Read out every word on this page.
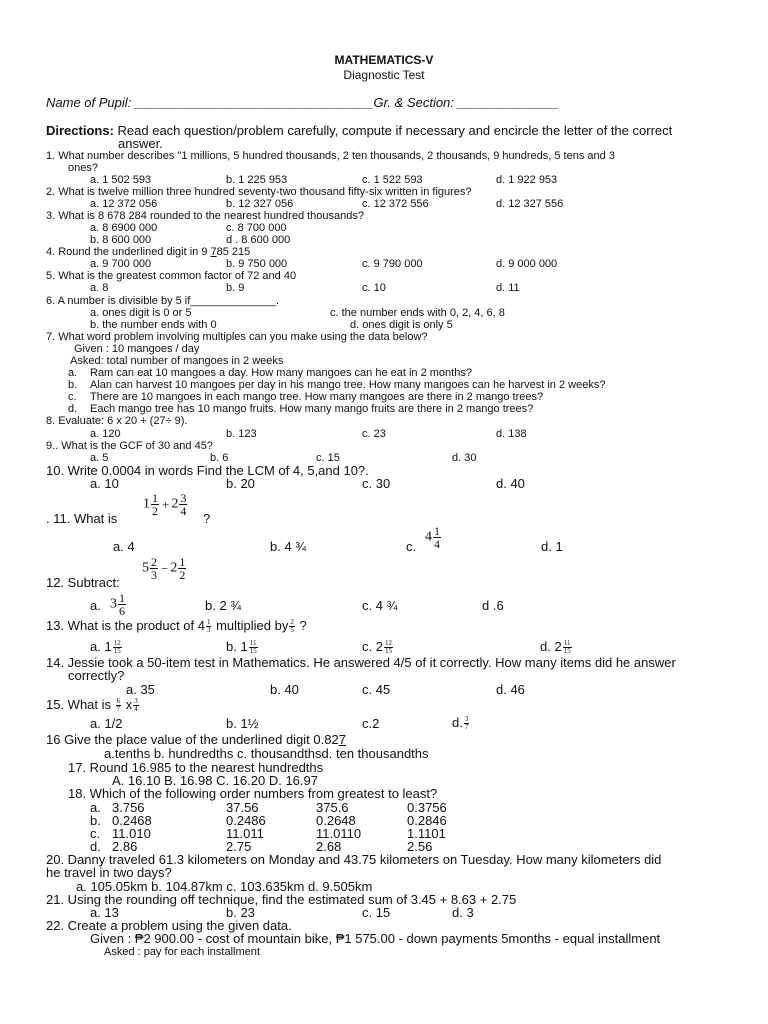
MATHEMATICS-V
Diagnostic Test
Name of Pupil: _________________________________Gr. & Section: ______________
Directions: Read each question/problem carefully, compute if necessary and encircle the letter of the correct
answer.
1. What number describes "1 millions, 5 hundred thousands, 2 ten thousands, 2 thousands, 9 hundreds, 5 tens and 3
ones?
a. 1 502 593	b. 1 225 953	c. 1 522 593	d. 1 922 953
2. What is twelve million three hundred seventy-two thousand fifty-six written in figures?
a. 12 372 056	b. 12 327 056	c. 12 372 556	d. 12 327 556
3. What is 8 678 284 rounded to the nearest hundred thousands?
a. 8 6900 000	c. 8 700 000
b. 8 600 000	d . 8 600 000
4. Round the underlined digit in 9 785 215
a. 9 700 000	b. 9 750 000	c. 9 790 000	d. 9 000 000
5. What is the greatest common factor of 72 and 40
a. 8	b. 9	c. 10	d. 11
6. A number is divisible by 5 if______________.
a. ones digit is 0 or 5	c. the number ends with 0, 2, 4, 6, 8
b. the number ends with 0	d. ones digit is only 5
7. What word problem involving multiples can you make using the data below?
Given : 10 mangoes / day
Asked: total number of mangoes in 2 weeks
a. Ram can eat 10 mangoes a day. How many mangoes can he eat in 2 months?
b. Alan can harvest 10 mangoes per day in his mango tree. How many mangoes can he harvest in 2 weeks?
c. There are 10 mangoes in each mango tree. How many mangoes are there in 2 mango trees?
d. Each mango tree has 10 mango fruits. How many mango fruits are there in 2 mango trees?
8. Evaluate: 6 x 20 + (27÷ 9).
a. 120	b. 123	c. 23	d. 138
9.. What is the GCF of 30 and 45?
a. 5	b. 6	c. 15	d. 30
10. Write 0.0004 in words Find the LCM of 4, 5,and 10?.
a. 10	b. 20	c. 30	d. 40
. 11. What is
$1 \frac{1}{2} + 2 \frac{3}{4}$
?
a. 4	b. 4 ¾	c.
$4 \frac{1}{4}$	d. 1
$5 \frac{2}{3} - 2 \frac{1}{2}$
12. Subtract:
a. $3 \frac{1}{6}$	b. 2 ¾	c. 4 ¾	d .6
13. What is the product of $4 \frac{1}{3}$ multiplied by $\frac{2}{5}$ ?
a. $1 \frac{12}{15}$	b. $1 \frac{11}{15}$	c. $2 \frac{12}{15}$	d. $2 \frac{11}{15}$
14. Jessie took a 50-item test in Mathematics. He answered 4/5 of it correctly. How many items did he answer
correctly?
a. 35	b. 40	c. 45	d. 46
15. What is $\frac{6}{7}$ x $\frac{3}{4}$
a. 1/2	b. 1½	c.2	d. $\frac{3}{7}$
16 Give the place value of the underlined digit 0.827
a.tenths b. hundredths c. thousandthsd. ten thousandths
17. Round 16.985 to the nearest hundredths
A. 16.10 B. 16.98 C. 16.20 D. 16.97
18. Which of the following order numbers from greatest to least?
a. 3.756	37.56	375.6	0.3756
b. 0.2468	0.2486	0.2648	0.2846
c. 11.010	11.011	11.0110	1.1101
d. 2.86	2.75	2.68	2.56
20. Danny traveled 61.3 kilometers on Monday and 43.75 kilometers on Tuesday. How many kilometers did
he travel in two days?
a. 105.05km b. 104.87km c. 103.635km d. 9.505km
21. Using the rounding off technique, find the estimated sum of 3.45 + 8.63 + 2.75
a. 13	b. 23	c. 15	d. 3
22. Create a problem using the given data.
Given : ₱2 900.00 - cost of mountain bike, ₱1 575.00 - down payments 5months - equal installment
Asked : pay for each installment
